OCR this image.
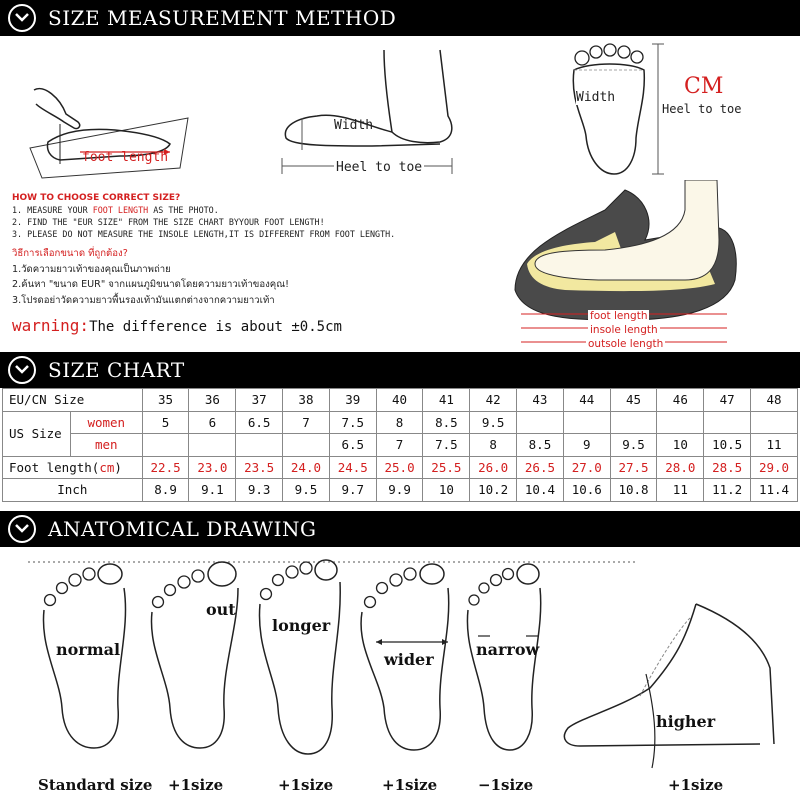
SIZE MEASUREMENT METHOD
foot length
Width
Heel to toe
Width	CM
Heel to toe
HOW TO CHOOSE CORRECT SIZE?
1. MEASURE YOUR FOOT LENGTH AS THE PHOTO.
2. FIND THE "EUR SIZE" FROM THE SIZE CHART BYYOUR FOOT LENGTH!
3. PLEASE DO NOT MEASURE THE INSOLE LENGTH,IT IS DIFFERENT FROM FOOT LENGTH.
วิธีการเลือกขนาด ที่ถูกต้อง?
1.วัดความยาวเท้าของคุณเป็นภาพถ่าย
2.ค้นหา "ขนาด EUR" จากแผนภูมิขนาดโดยความยาวเท้าของคุณ!
3.โปรดอย่าวัดความยาวพื้นรองเท้ามันแตกต่างจากความยาวเท้า
warning:The difference is about ±0.5cm
foot length
insole length
outsole length
SIZE CHART
EU/CN Size		35	36	37	38	39	40	41	42	43	44	45	46	47	48
US Size	women	5	6	6.5	7	7.5	8	8.5	9.5						
	men					6.5	7	7.5	8	8.5	9	9.5	10	10.5	11
Foot length(cm)		22.5	23.0	23.5	24.0	24.5	25.0	25.5	26.0	26.5	27.0	27.5	28.0	28.5	29.0
Inch		8.9	9.1	9.3	9.5	9.7	9.9	10	10.2	10.4	10.6	10.8	11	11.2	11.4
ANATOMICAL DRAWING
normal
out
longer
wider
narrow
higher
Standard size +1size	+1size	+1size	−1size	+1size
